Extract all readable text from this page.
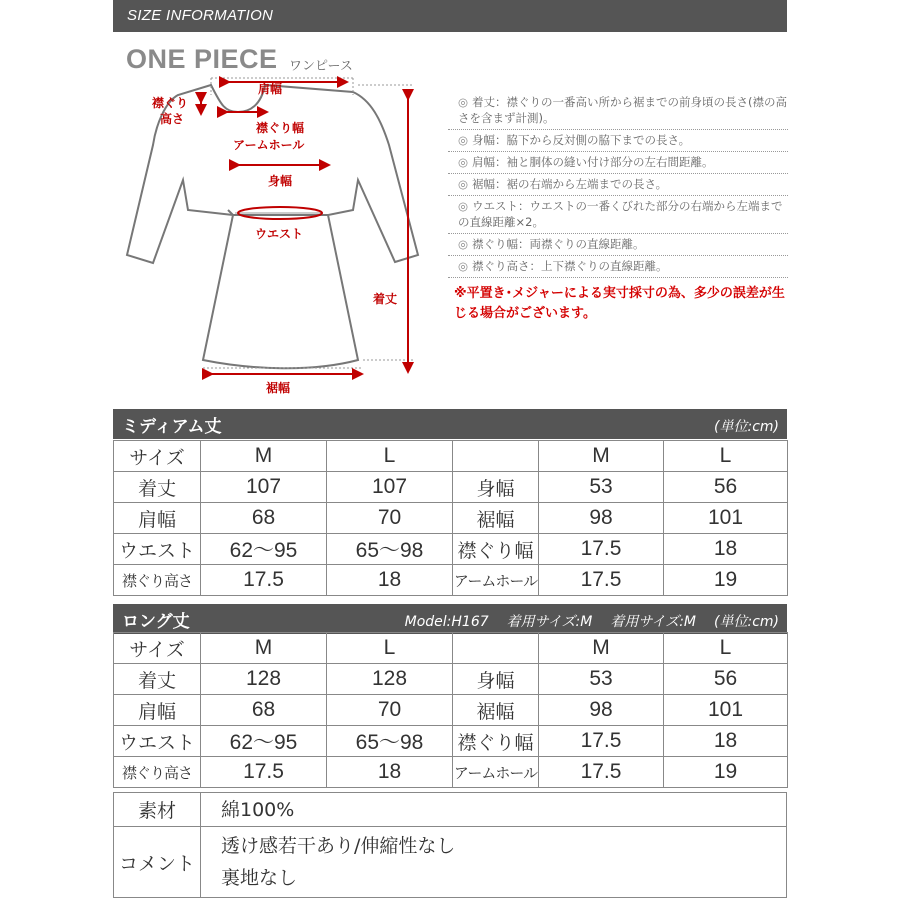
SIZE INFORMATION
ONE PIECE ワンピース
肩幅
襟ぐり
高さ
襟ぐり幅
アームホール
身幅
ウエスト
着丈
裾幅
◎ 着丈：襟ぐりの一番高い所から裾までの前身頃の長さ(襟の高さを含まず計測)。
◎ 身幅：脇下から反対側の脇下までの長さ。
◎ 肩幅：袖と胴体の縫い付け部分の左右間距離。
◎ 裾幅：裾の右端から左端までの長さ。
◎ ウエスト：ウエストの一番くびれた部分の右端から左端までの直線距離×2。
◎ 襟ぐり幅：両襟ぐりの直線距離。
◎ 襟ぐり高さ：上下襟ぐりの直線距離。
※平置き･メジャーによる実寸採寸の為、多少の誤差が生じる場合がございます。
ミディアム丈	(単位:cm)
サイズ	M	L		M	L
着丈	107	107	身幅	53	56
肩幅	68	70	裾幅	98	101
ウエスト	62～95	65～98	襟ぐり幅	17.5	18
襟ぐり高さ	17.5	18	アームホール	17.5	19
ロング丈	Model:H167 着用サイズ:M 着用サイズ:M (単位:cm)
サイズ	M	L		M	L
着丈	128	128	身幅	53	56
肩幅	68	70	裾幅	98	101
ウエスト	62～95	65～98	襟ぐり幅	17.5	18
襟ぐり高さ	17.5	18	アームホール	17.5	19
素材	綿100%
コメント	透け感若干あり/伸縮性なし
裏地なし
